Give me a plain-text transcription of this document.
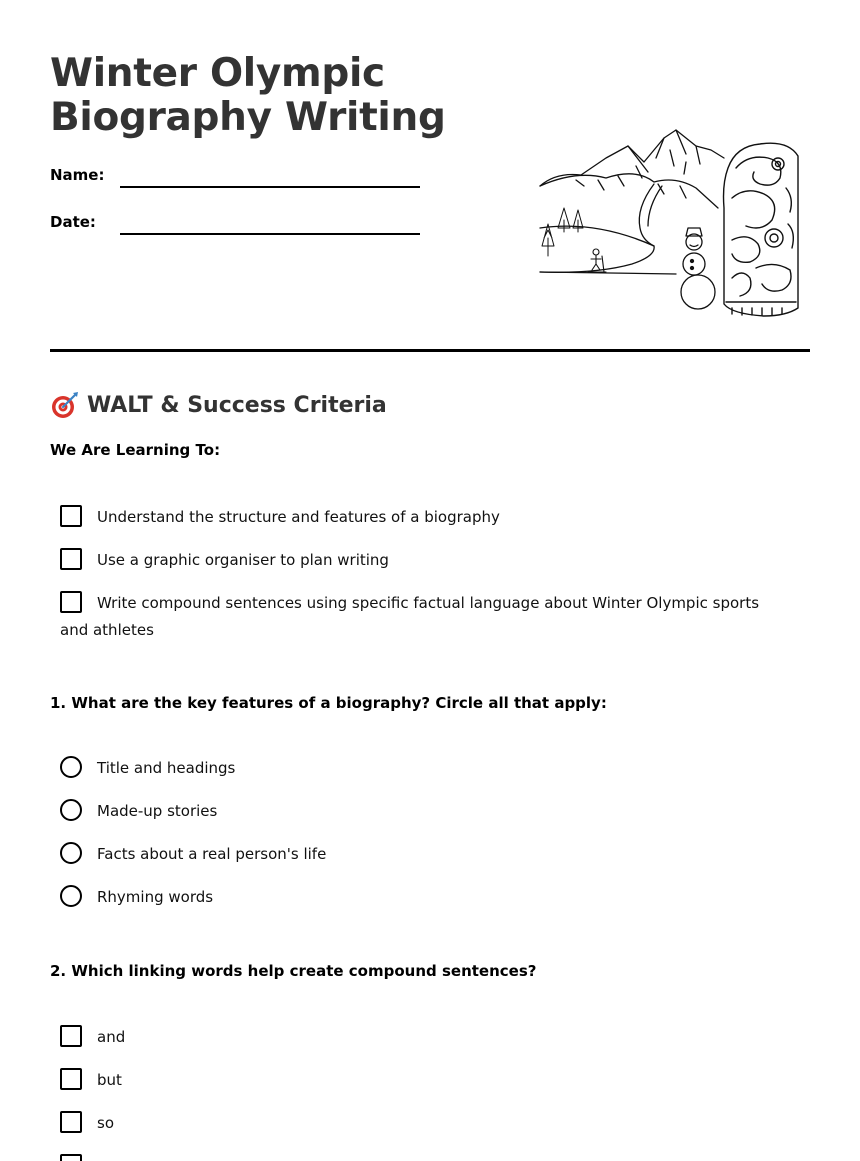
Winter Olympic
Biography Writing
Name:
Date:
WALT & Success Criteria
We Are Learning To:
Understand the structure and features of a biography
Use a graphic organiser to plan writing
Write compound sentences using specific factual language about Winter Olympic sports and athletes
1. What are the key features of a biography? Circle all that apply:
Title and headings
Made-up stories
Facts about a real person's life
Rhyming words
2. Which linking words help create compound sentences?
and
but
so
